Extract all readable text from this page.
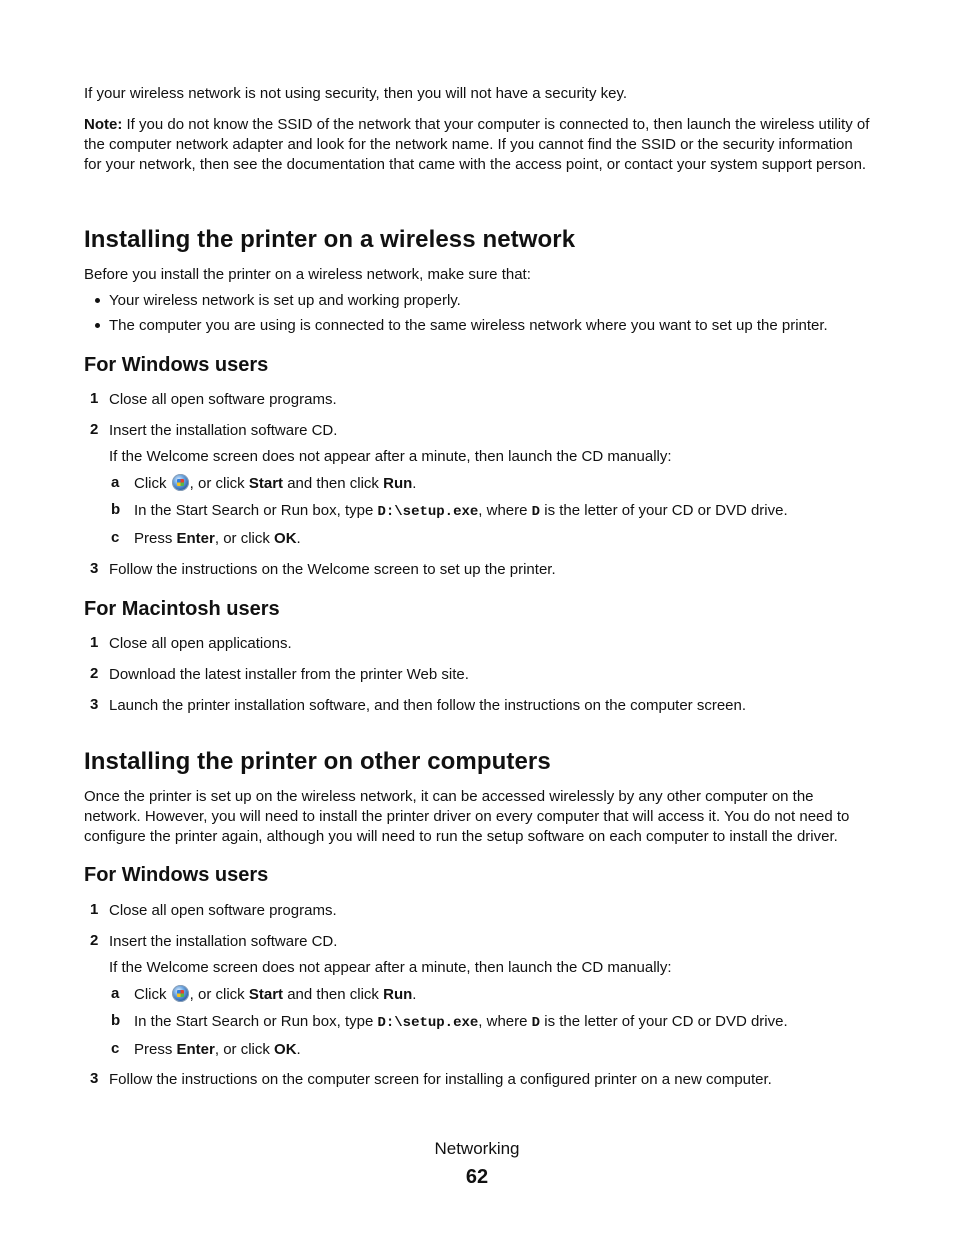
If your wireless network is not using security, then you will not have a security key.
Note: If you do not know the SSID of the network that your computer is connected to, then launch the wireless utility of the computer network adapter and look for the network name. If you cannot find the SSID or the security information for your network, then see the documentation that came with the access point, or contact your system support person.
Installing the printer on a wireless network
Before you install the printer on a wireless network, make sure that:
Your wireless network is set up and working properly.
The computer you are using is connected to the same wireless network where you want to set up the printer.
For Windows users
1 Close all open software programs.
2 Insert the installation software CD.
If the Welcome screen does not appear after a minute, then launch the CD manually:
a Click , or click Start and then click Run.
b In the Start Search or Run box, type D:\setup.exe, where D is the letter of your CD or DVD drive.
c Press Enter, or click OK.
3 Follow the instructions on the Welcome screen to set up the printer.
For Macintosh users
1 Close all open applications.
2 Download the latest installer from the printer Web site.
3 Launch the printer installation software, and then follow the instructions on the computer screen.
Installing the printer on other computers
Once the printer is set up on the wireless network, it can be accessed wirelessly by any other computer on the network. However, you will need to install the printer driver on every computer that will access it. You do not need to configure the printer again, although you will need to run the setup software on each computer to install the driver.
For Windows users
1 Close all open software programs.
2 Insert the installation software CD.
If the Welcome screen does not appear after a minute, then launch the CD manually:
a Click , or click Start and then click Run.
b In the Start Search or Run box, type D:\setup.exe, where D is the letter of your CD or DVD drive.
c Press Enter, or click OK.
3 Follow the instructions on the computer screen for installing a configured printer on a new computer.
Networking
62
